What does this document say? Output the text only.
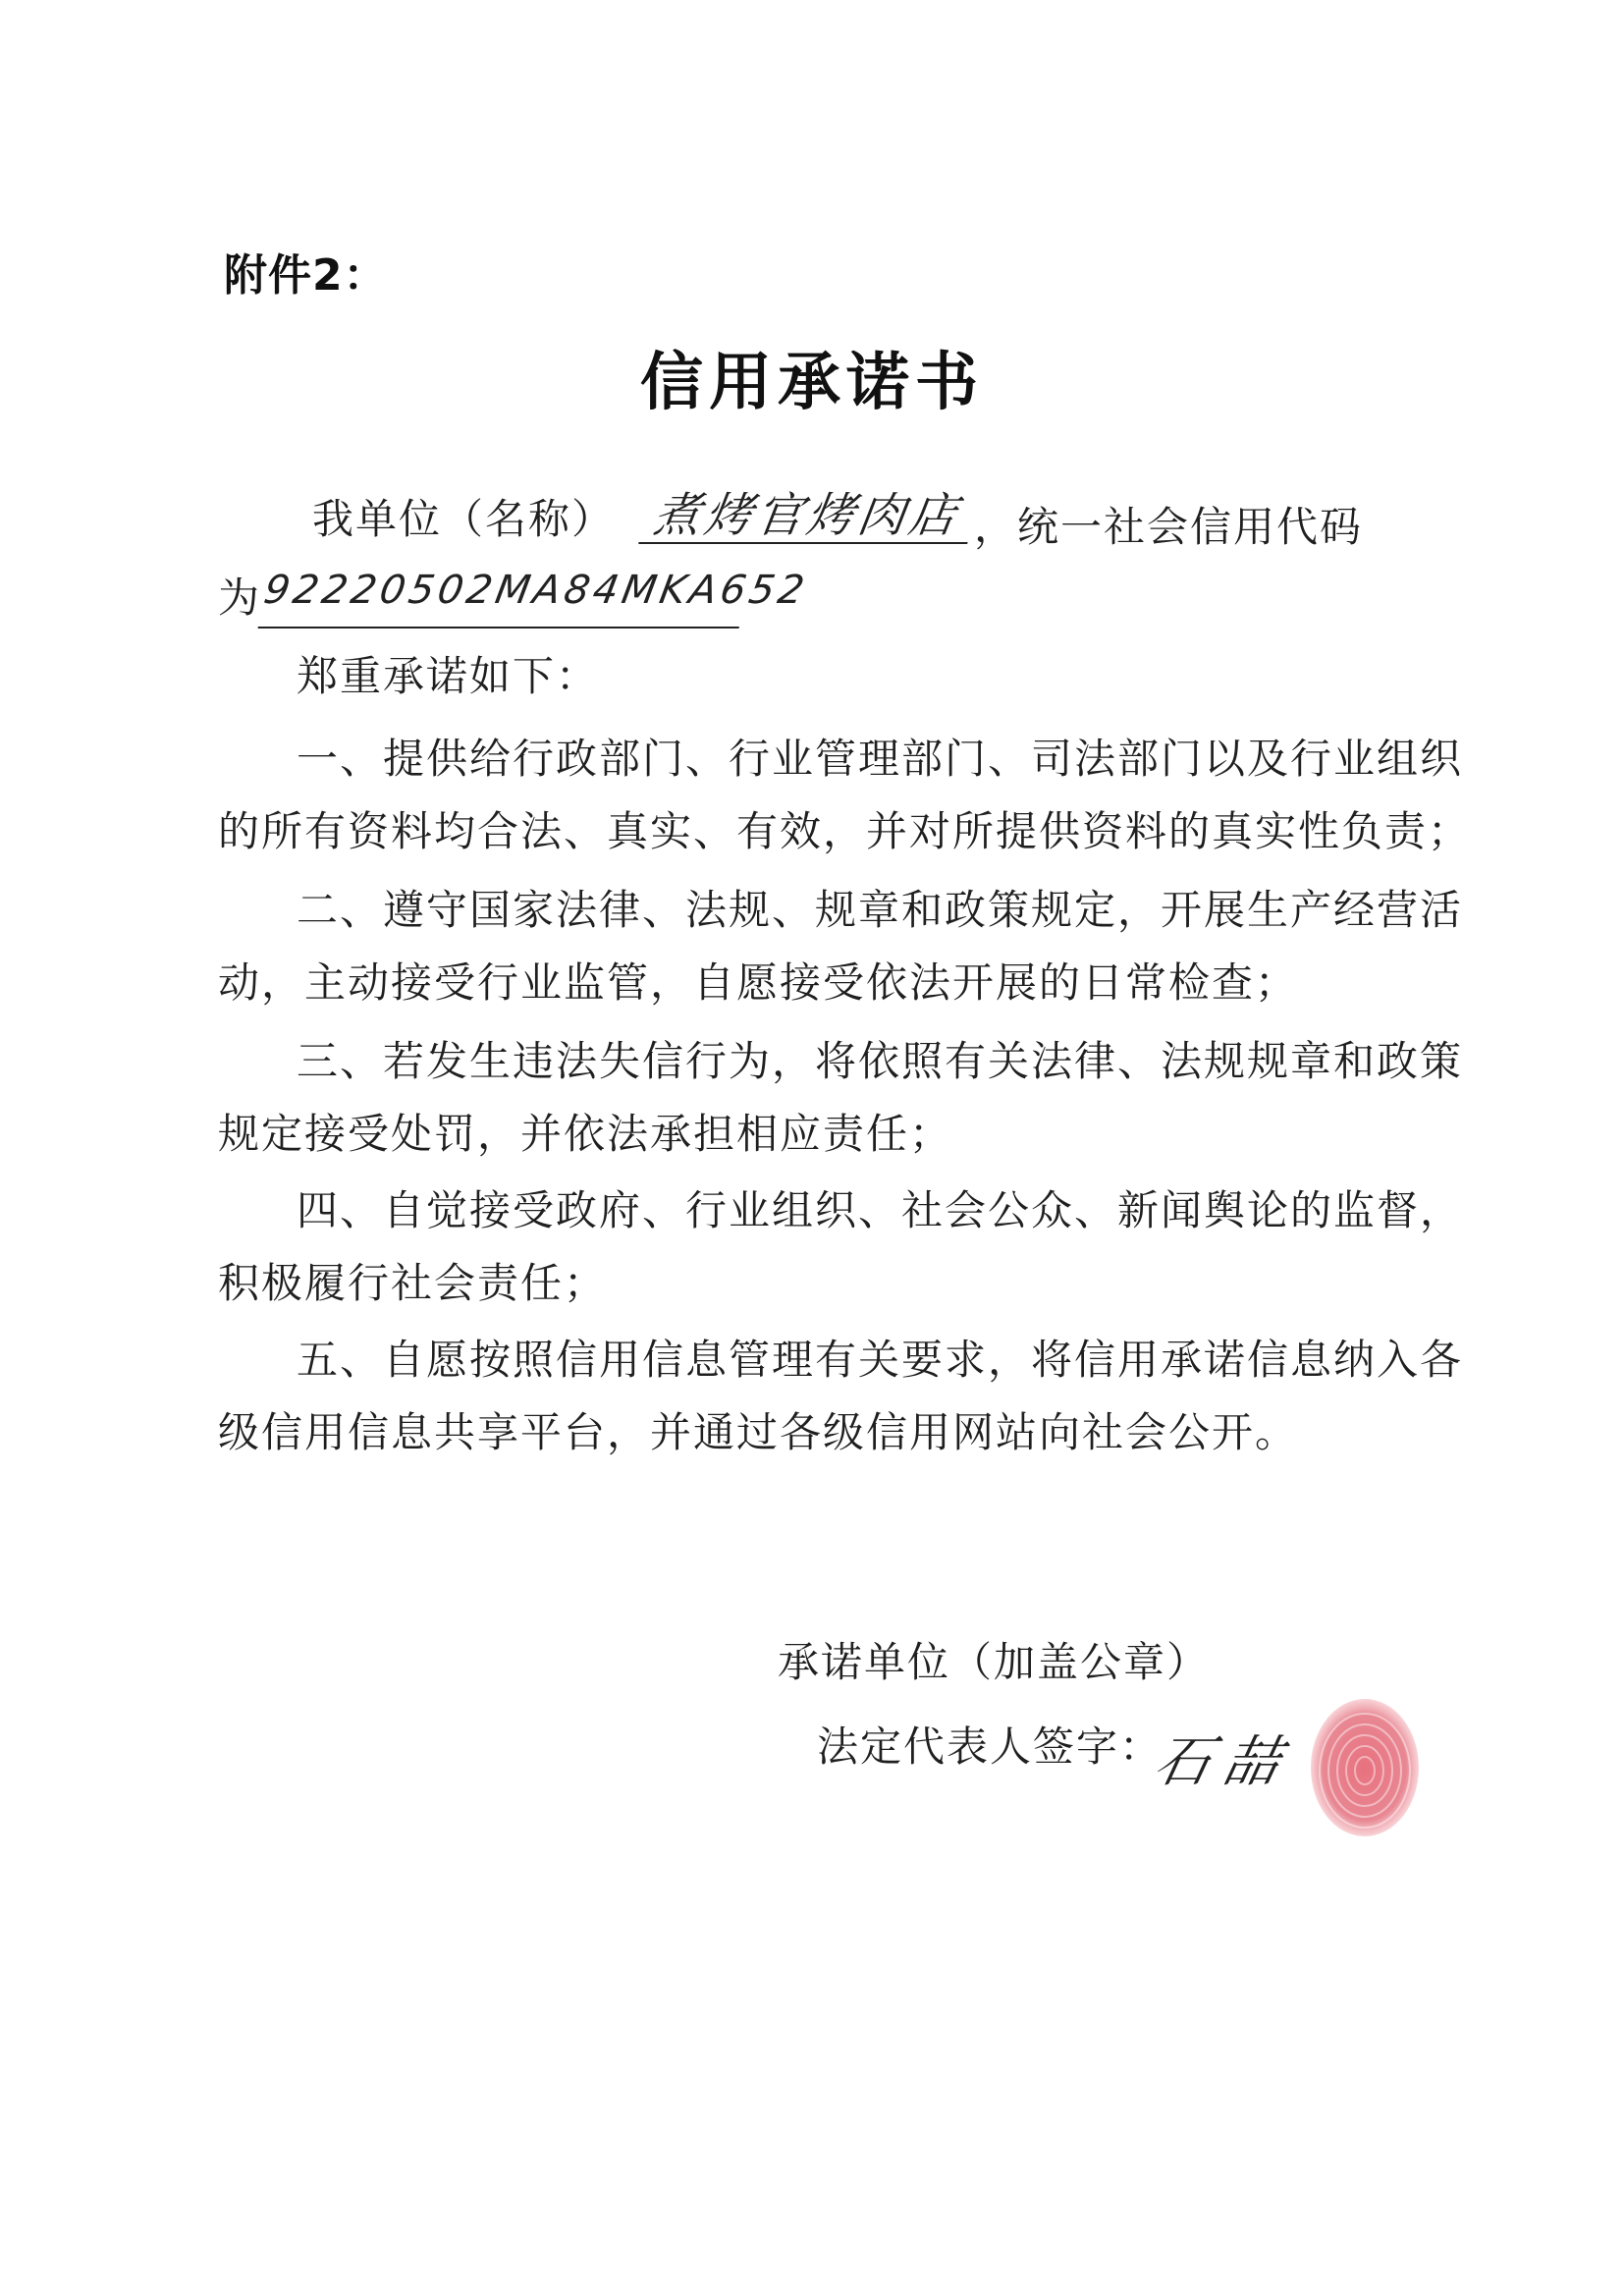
附件2：
信用承诺书
我单位（名称） 煮烤官烤肉店 ，统一社会信用代码
为 92220502MA84MKA652
郑重承诺如下：
一、提供给行政部门、行业管理部门、司法部门以及行业组织
的所有资料均合法、真实、有效，并对所提供资料的真实性负责；
二、遵守国家法律、法规、规章和政策规定，开展生产经营活
动，主动接受行业监管，自愿接受依法开展的日常检查；
三、若发生违法失信行为，将依照有关法律、法规规章和政策
规定接受处罚，并依法承担相应责任；
四、自觉接受政府、行业组织、社会公众、新闻舆论的监督，
积极履行社会责任；
五、自愿按照信用信息管理有关要求，将信用承诺信息纳入各
级信用信息共享平台，并通过各级信用网站向社会公开。
承诺单位（加盖公章）
法定代表人签字：
石喆
